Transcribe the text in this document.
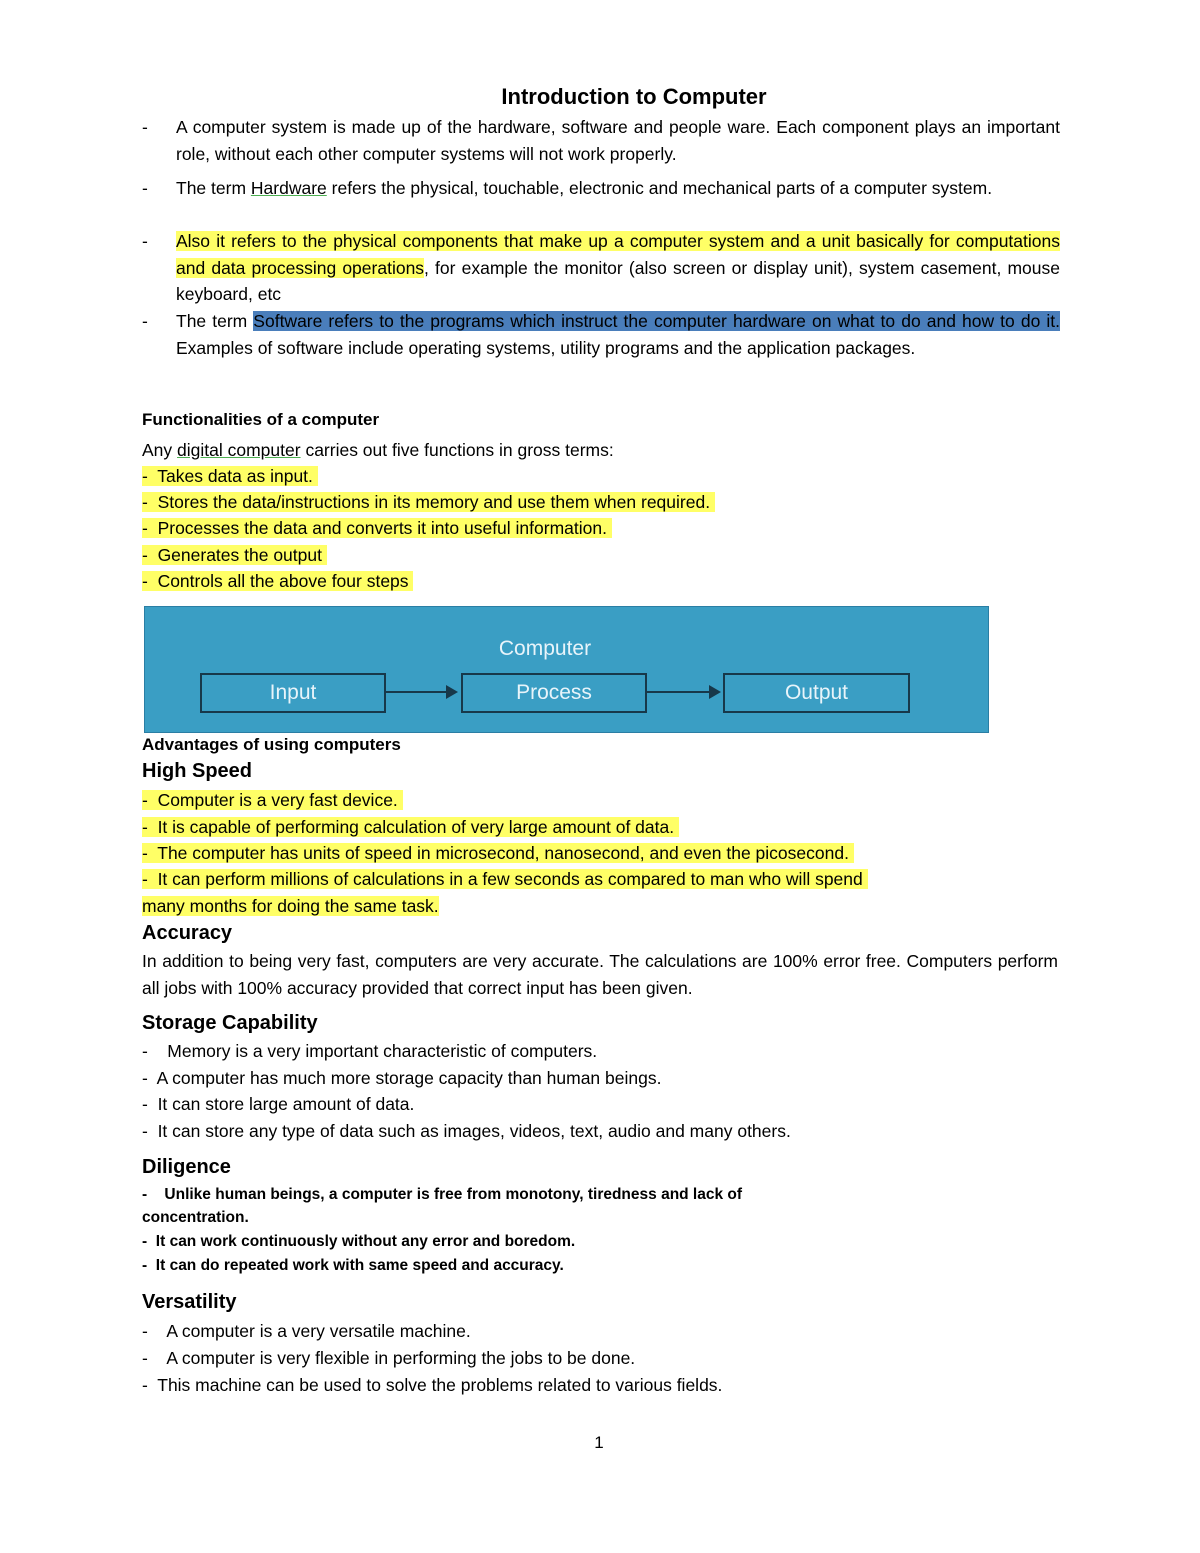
Introduction to Computer
- A computer system is made up of the hardware, software and people ware. Each component plays an important role, without each other computer systems will not work properly.

- The term Hardware refers the physical, touchable, electronic and mechanical parts of a computer system.

- Also it refers to the physical components that make up a computer system and a unit basically for computations and data processing operations, for example the monitor (also screen or display unit), system casement, mouse keyboard, etc

- The term Software refers to the programs which instruct the computer hardware on what to do and how to do it. Examples of software include operating systems, utility programs and the application packages.

Functionalities of a computer
Any digital computer carries out five functions in gross terms:
- Takes data as input.
- Stores the data/instructions in its memory and use them when required.
- Processes the data and converts it into useful information.
- Generates the output
- Controls all the above four steps
Computer
Input	Process	Output
Advantages of using computers
High Speed
- Computer is a very fast device.
- It is capable of performing calculation of very large amount of data.
- The computer has units of speed in microsecond, nanosecond, and even the picosecond.
- It can perform millions of calculations in a few seconds as compared to man who will spend
many months for doing the same task.
Accuracy

In addition to being very fast, computers are very accurate. The calculations are 100% error free. Computers perform all jobs with 100% accuracy provided that correct input has been given.

Storage Capability
- Memory is a very important characteristic of computers.
- A computer has much more storage capacity than human beings.
- It can store large amount of data.
- It can store any type of data such as images, videos, text, audio and many others.
Diligence
- Unlike human beings, a computer is free from monotony, tiredness and lack of
concentration.
- It can work continuously without any error and boredom.
- It can do repeated work with same speed and accuracy.
Versatility
- A computer is a very versatile machine.
- A computer is very flexible in performing the jobs to be done.
- This machine can be used to solve the problems related to various fields.
1
